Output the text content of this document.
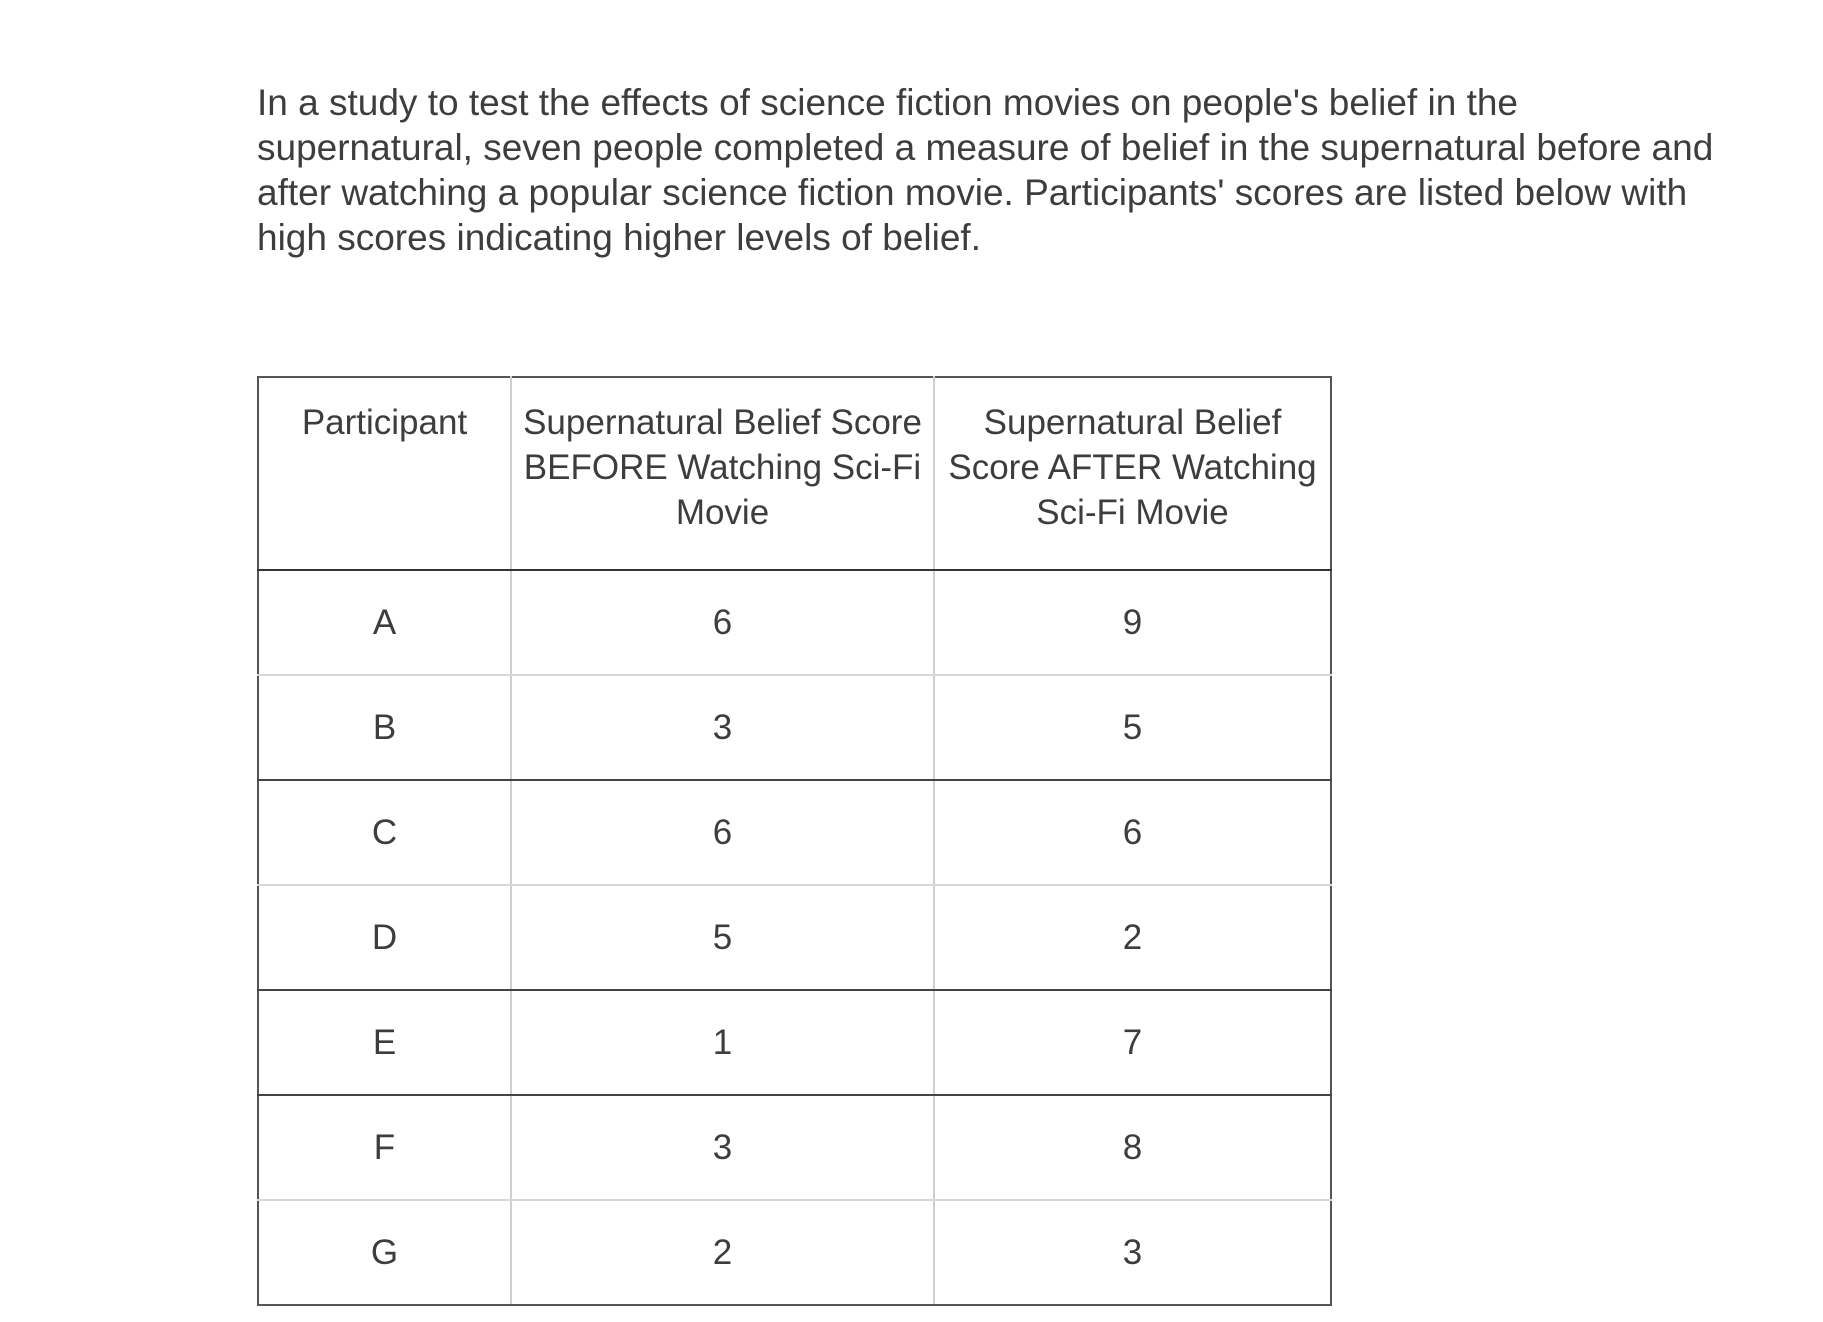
In a study to test the effects of science fiction movies on people's belief in the supernatural, seven people completed a measure of belief in the supernatural before and after watching a popular science fiction movie. Participants' scores are listed below with high scores indicating higher levels of belief.

Participant	Supernatural Belief Score BEFORE Watching Sci-Fi Movie	Supernatural Belief Score AFTER Watching Sci-Fi Movie
A	6	9
B	3	5
C	6	6
D	5	2
E	1	7
F	3	8
G	2	3
